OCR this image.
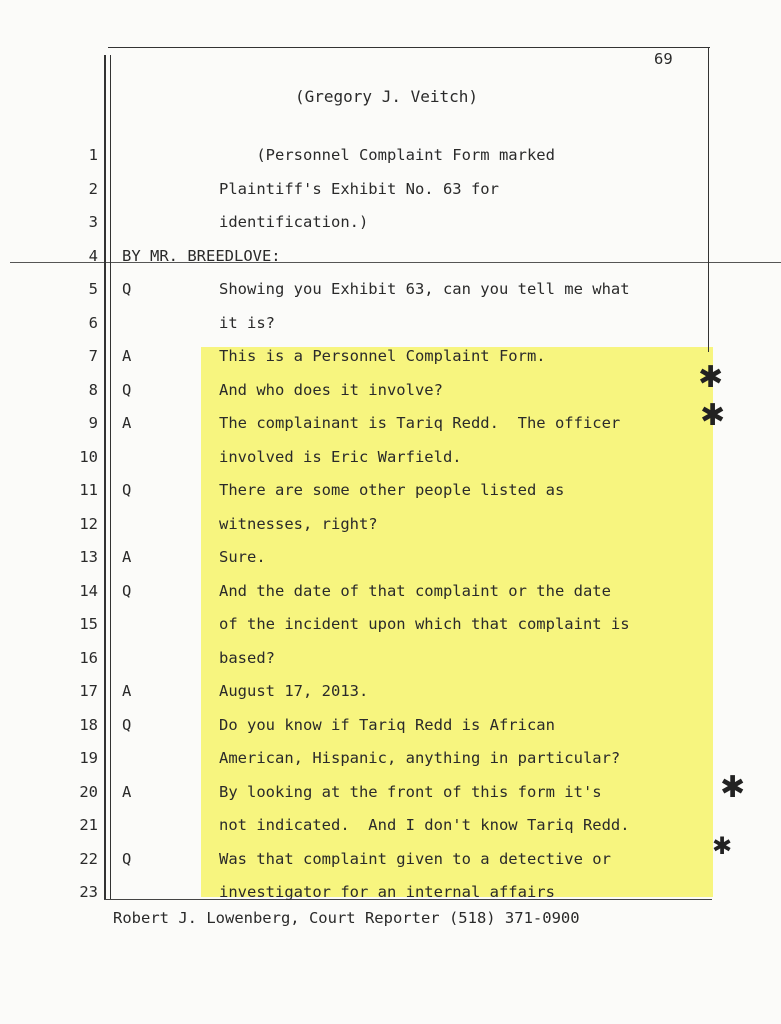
69
(Gregory J. Veitch)
1	(Personnel Complaint Form marked
2	Plaintiff's Exhibit No. 63 for
3	identification.)
4 BY MR. BREEDLOVE:
5 Q	Showing you Exhibit 63, can you tell me what
6	it is?
7 A	This is a Personnel Complaint Form.
8 Q	And who does it involve?
9 A	The complainant is Tariq Redd.  The officer
10	involved is Eric Warfield.
11 Q	There are some other people listed as
12	witnesses, right?
13 A	Sure.
14 Q	And the date of that complaint or the date
15	of the incident upon which that complaint is
16	based?
17 A	August 17, 2013.
18 Q	Do you know if Tariq Redd is African
19	American, Hispanic, anything in particular?
20 A	By looking at the front of this form it's
21	not indicated.  And I don't know Tariq Redd.
22 Q	Was that complaint given to a detective or
23	investigator for an internal affairs
Robert J. Lowenberg, Court Reporter (518) 371-0900
✱
✱
✱
✱
